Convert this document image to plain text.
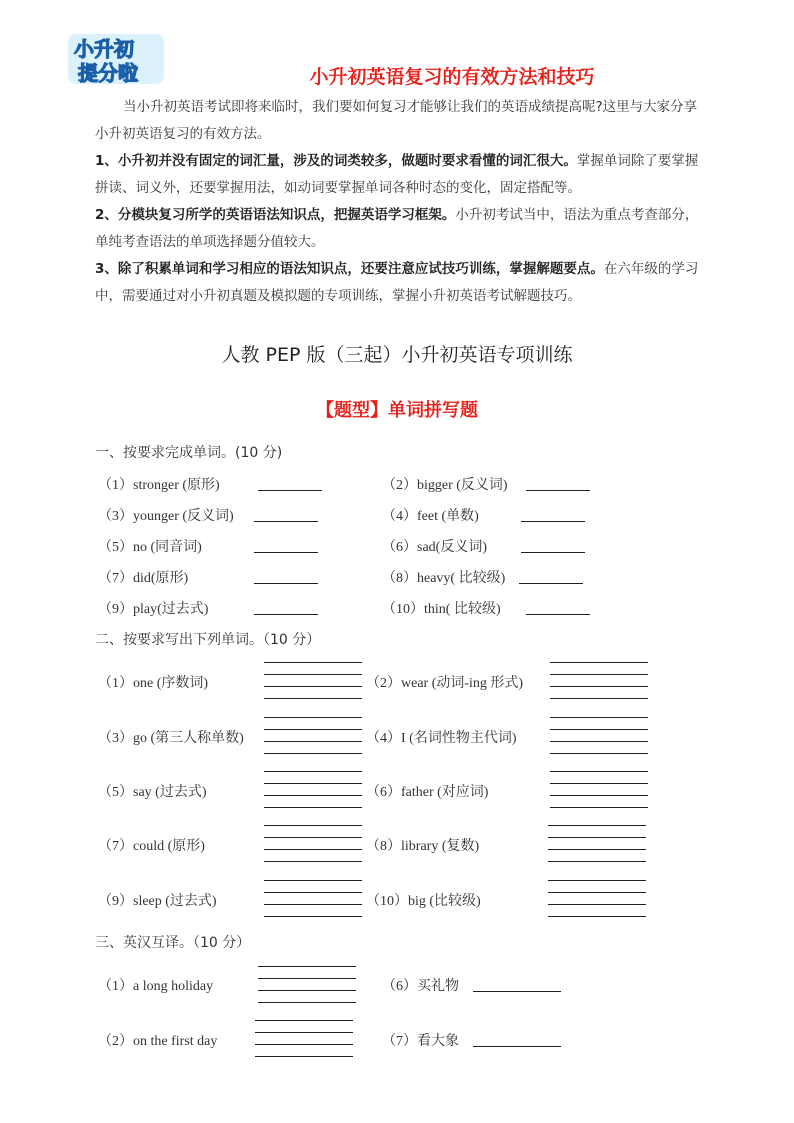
小升初
提分啦	小升初英语复习的有效方法和技巧
当小升初英语考试即将来临时，我们要如何复习才能够让我们的英语成绩提高呢?这里与大家分享小升初英语复习的有效方法。
1、小升初并没有固定的词汇量，涉及的词类较多，做题时要求看懂的词汇很大。掌握单词除了要掌握拼读、词义外，还要掌握用法，如动词要掌握单词各种时态的变化，固定搭配等。
2、分模块复习所学的英语语法知识点，把握英语学习框架。小升初考试当中，语法为重点考查部分，单纯考查语法的单项选择题分值较大。
3、除了积累单词和学习相应的语法知识点，还要注意应试技巧训练，掌握解题要点。在六年级的学习中，需要通过对小升初真题及模拟题的专项训练，掌握小升初英语考试解题技巧。
人教 PEP 版（三起）小升初英语专项训练
【题型】单词拼写题
一、按要求完成单词。(10 分)
（1）stronger (原形)	（2）bigger (反义词)
（3）younger (反义词)	（4）feet (单数)
（5）no (同音词)	（6）sad(反义词)
（7）did(原形)	（8）heavy( 比较级)
（9）play(过去式)	（10）thin( 比较级)
二、按要求写出下列单词。（10 分）
（1）one (序数词)	（2）wear (动词-ing 形式)
（3）go (第三人称单数)	（4）I (名词性物主代词)
（5）say (过去式)	（6）father (对应词)
（7）could (原形)	（8）library (复数)
（9）sleep (过去式)	（10）big (比较级)
三、英汉互译。（10 分）
（1）a long holiday	（6）买礼物
（2）on the first day	（7）看大象
